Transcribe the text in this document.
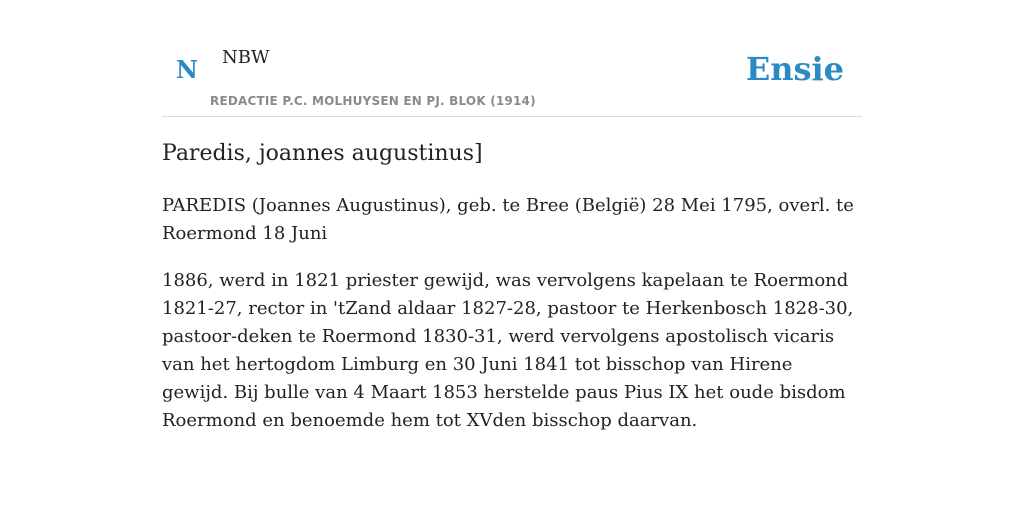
N NBW
REDACTIE P.C. MOLHUYSEN EN PJ. BLOK (1914)
Ensie
Paredis, joannes augustinus]

PAREDIS (Joannes Augustinus), geb. te Bree (België) 28 Mei 1795, overl. te Roermond 18 Juni

1886, werd in 1821 priester gewijd, was vervolgens kapelaan te Roermond 1821-27, rector in 'tZand aldaar 1827-28, pastoor te Herkenbosch 1828-30, pastoor-deken te Roermond 1830-31, werd vervolgens apostolisch vicaris van het hertogdom Limburg en 30 Juni 1841 tot bisschop van Hirene gewijd. Bij bulle van 4 Maart 1853 herstelde paus Pius IX het oude bisdom Roermond en benoemde hem tot XVden bisschop daarvan.
